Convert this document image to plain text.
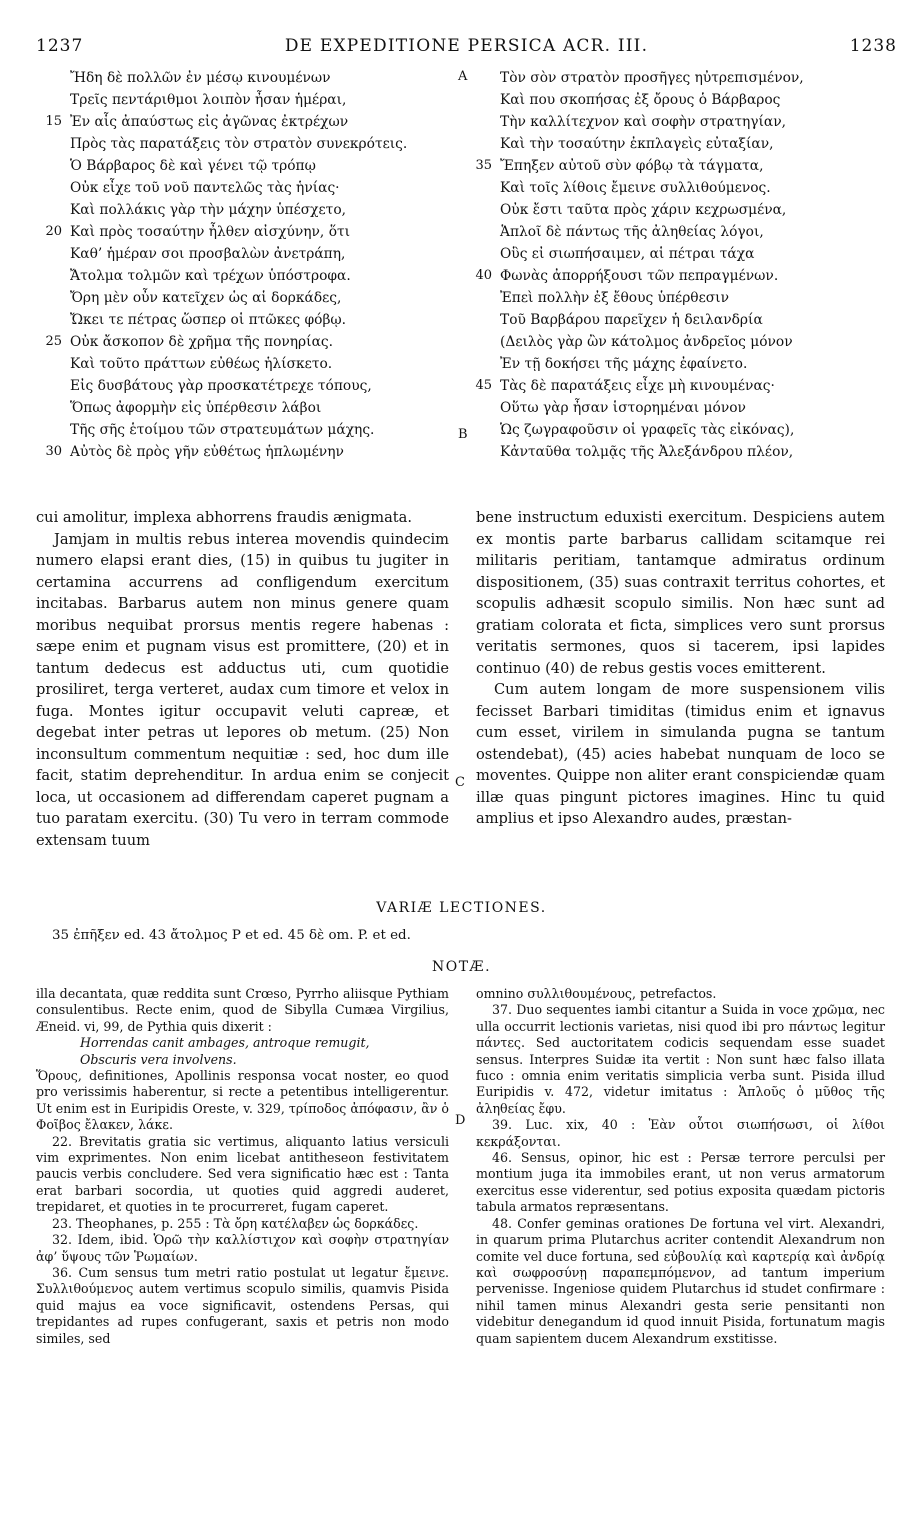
1237	DE EXPEDITIONE PERSICA ACR. III.	1238
Ἤδη δὲ πολλῶν ἐν μέσῳ κινουμένων
Τρεῖς πεντάριθμοι λοιπὸν ἦσαν ἡμέραι,
15 Ἐν αἷς ἀπαύστως εἰς ἀγῶνας ἐκτρέχων
Πρὸς τὰς παρατάξεις τὸν στρατὸν συνεκρότεις.
Ὁ Βάρβαρος δὲ καὶ γένει τῷ τρόπῳ
Οὐκ εἶχε τοῦ νοῦ παντελῶς τὰς ἡνίας·
Καὶ πολλάκις γὰρ τὴν μάχην ὑπέσχετο,
20 Καὶ πρὸς τοσαύτην ἦλθεν αἰσχύνην, ὅτι
Καθ’ ἡμέραν σοι προσβαλὼν ἀνετράπη,
Ἄτολμα τολμῶν καὶ τρέχων ὑπόστροφα.
Ὄρη μὲν οὖν κατεῖχεν ὡς αἱ δορκάδες,
Ὤκει τε πέτρας ὥσπερ οἱ πτῶκες φόβῳ.
25 Οὐκ ἄσκοπον δὲ χρῆμα τῆς πονηρίας.
Καὶ τοῦτο πράττων εὐθέως ἡλίσκετο.
Εἰς δυσβάτους γὰρ προσκατέτρεχε τόπους,
Ὅπως ἀφορμὴν εἰς ὑπέρθεσιν λάβοι
Τῆς σῆς ἑτοίμου τῶν στρατευμάτων μάχης.
30 Αὐτὸς δὲ πρὸς γῆν εὐθέτως ἡπλωμένην
Τὸν σὸν στρατὸν προσῆγες ηὐτρεπισμένον,
Καὶ που σκοπήσας ἐξ ὄρους ὁ Βάρβαρος
Τὴν καλλίτεχνον καὶ σοφὴν στρατηγίαν,
Καὶ τὴν τοσαύτην ἐκπλαγεὶς εὐταξίαν,
35 Ἔπηξεν αὐτοῦ σὺν φόβῳ τὰ τάγματα,
Καὶ τοῖς λίθοις ἔμεινε συλλιθούμενος.
Οὐκ ἔστι ταῦτα πρὸς χάριν κεχρωσμένα,
Ἁπλοῖ δὲ πάντως τῆς ἀληθείας λόγοι,
Οὓς εἰ σιωπήσαιμεν, αἱ πέτραι τάχα
40 Φωνὰς ἀπορρήξουσι τῶν πεπραγμένων.
Ἐπεὶ πολλὴν ἐξ ἔθους ὑπέρθεσιν
Τοῦ Βαρβάρου παρεῖχεν ἡ δειλανδρία
(Δειλὸς γὰρ ὢν κάτολμος ἀνδρεῖος μόνον
Ἐν τῇ δοκήσει τῆς μάχης ἐφαίνετο.
45 Τὰς δὲ παρατάξεις εἶχε μὴ κινουμένας·
Οὕτω γὰρ ἦσαν ἱστορημέναι μόνον
Ὡς ζωγραφοῦσιν οἱ γραφεῖς τὰς εἰκόνας),
Κἀνταῦθα τολμᾷς τῆς Ἀλεξάνδρου πλέον,
A
B
C
D

cui amolitur, implexa abhorrens fraudis ænigmata.

Jamjam in multis rebus interea movendis quindecim numero elapsi erant dies, (15) in quibus tu jugiter in certamina accurrens ad confligendum exercitum incitabas. Barbarus autem non minus genere quam moribus nequibat prorsus mentis regere habenas : sæpe enim et pugnam visus est promittere, (20) et in tantum dedecus est adductus uti, cum quotidie prosiliret, terga verteret, audax cum timore et velox in fuga. Montes igitur occupavit veluti capreæ, et degebat inter petras ut lepores ob metum. (25) Non inconsultum commentum nequitiæ : sed, hoc dum ille facit, statim deprehenditur. In ardua enim se conjecit loca, ut occasionem ad differendam caperet pugnam a tuo paratam exercitu. (30) Tu vero in terram commode extensam tuum

bene instructum eduxisti exercitum. Despiciens autem ex montis parte barbarus callidam scitamque rei militaris peritiam, tantamque admiratus ordinum dispositionem, (35) suas contraxit territus cohortes, et scopulis adhæsit scopulo similis. Non hæc sunt ad gratiam colorata et ficta, simplices vero sunt prorsus veritatis sermones, quos si tacerem, ipsi lapides continuo (40) de rebus gestis voces emitterent.

Cum autem longam de more suspensionem vilis fecisset Barbari timiditas (timidus enim et ignavus cum esset, virilem in simulanda pugna se tantum ostendebat), (45) acies habebat nunquam de loco se moventes. Quippe non aliter erant conspiciendæ quam illæ quas pingunt pictores imagines. Hinc tu quid amplius et ipso Alexandro audes, præstan-

VARIÆ LECTIONES.
35 ἐπῆξεν ed. 43 ἄτολμος P et ed. 45 δὲ om. P. et ed.
NOTÆ.

illa decantata, quæ reddita sunt Crœso, Pyrrho aliisque Pythiam consulentibus. Recte enim, quod de Sibylla Cumæa Virgilius, Æneid. vi, 99, de Pythia quis dixerit :

Horrendas canit ambages, antroque remugit,

Obscuris vera involvens.

Ὅρους, definitiones, Apollinis responsa vocat noster, eo quod pro verissimis haberentur, si recte a petentibus intelligerentur. Ut enim est in Euripidis Oreste, v. 329, τρίποδος ἀπόφασιν, ἂν ὁ Φοῖβος ἔλακεν, λάκε.

22. Brevitatis gratia sic vertimus, aliquanto latius versiculi vim exprimentes. Non enim licebat antitheseon festivitatem paucis verbis concludere. Sed vera significatio hæc est : Tanta erat barbari socordia, ut quoties quid aggredi auderet, trepidaret, et quoties in te procurreret, fugam caperet.

23. Theophanes, p. 255 : Τὰ ὄρη κατέλαβεν ὡς δορκάδες.

32. Idem, ibid. Ὁρῶ τὴν καλλίστιχον καὶ σοφὴν στρατηγίαν ἀφ’ ὕψους τῶν Ῥωμαίων.

36. Cum sensus tum metri ratio postulat ut legatur ἔμεινε. Συλλιθούμενος autem vertimus scopulo similis, quamvis Pisida quid majus ea voce significavit, ostendens Persas, qui trepidantes ad rupes confugerant, saxis et petris non modo similes, sed

omnino συλλιθουμένους, petrefactos.

37. Duo sequentes iambi citantur a Suida in voce χρῶμα, nec ulla occurrit lectionis varietas, nisi quod ibi pro πάντως legitur πάντες. Sed auctoritatem codicis sequendam esse suadet sensus. Interpres Suidæ ita vertit : Non sunt hæc falso illata fuco : omnia enim veritatis simplicia verba sunt. Pisida illud Euripidis v. 472, videtur imitatus : Ἁπλοῦς ὁ μῦθος τῆς ἀληθείας ἔφυ.

39. Luc. xix, 40 : Ἐὰν οὗτοι σιωπήσωσι, οἱ λίθοι κεκράξονται.

46. Sensus, opinor, hic est : Persæ terrore perculsi per montium juga ita immobiles erant, ut non verus armatorum exercitus esse viderentur, sed potius exposita quædam pictoris tabula armatos repræsentans.

48. Confer geminas orationes De fortuna vel virt. Alexandri, in quarum prima Plutarchus acriter contendit Alexandrum non comite vel duce fortuna, sed εὐβουλίᾳ καὶ καρτερίᾳ καὶ ἀνδρίᾳ καὶ σωφροσύνῃ παραπεμπόμενον, ad tantum imperium pervenisse. Ingeniose quidem Plutarchus id studet confirmare : nihil tamen minus Alexandri gesta serie pensitanti non videbitur denegandum id quod innuit Pisida, fortunatum magis quam sapientem ducem Alexandrum exstitisse.
